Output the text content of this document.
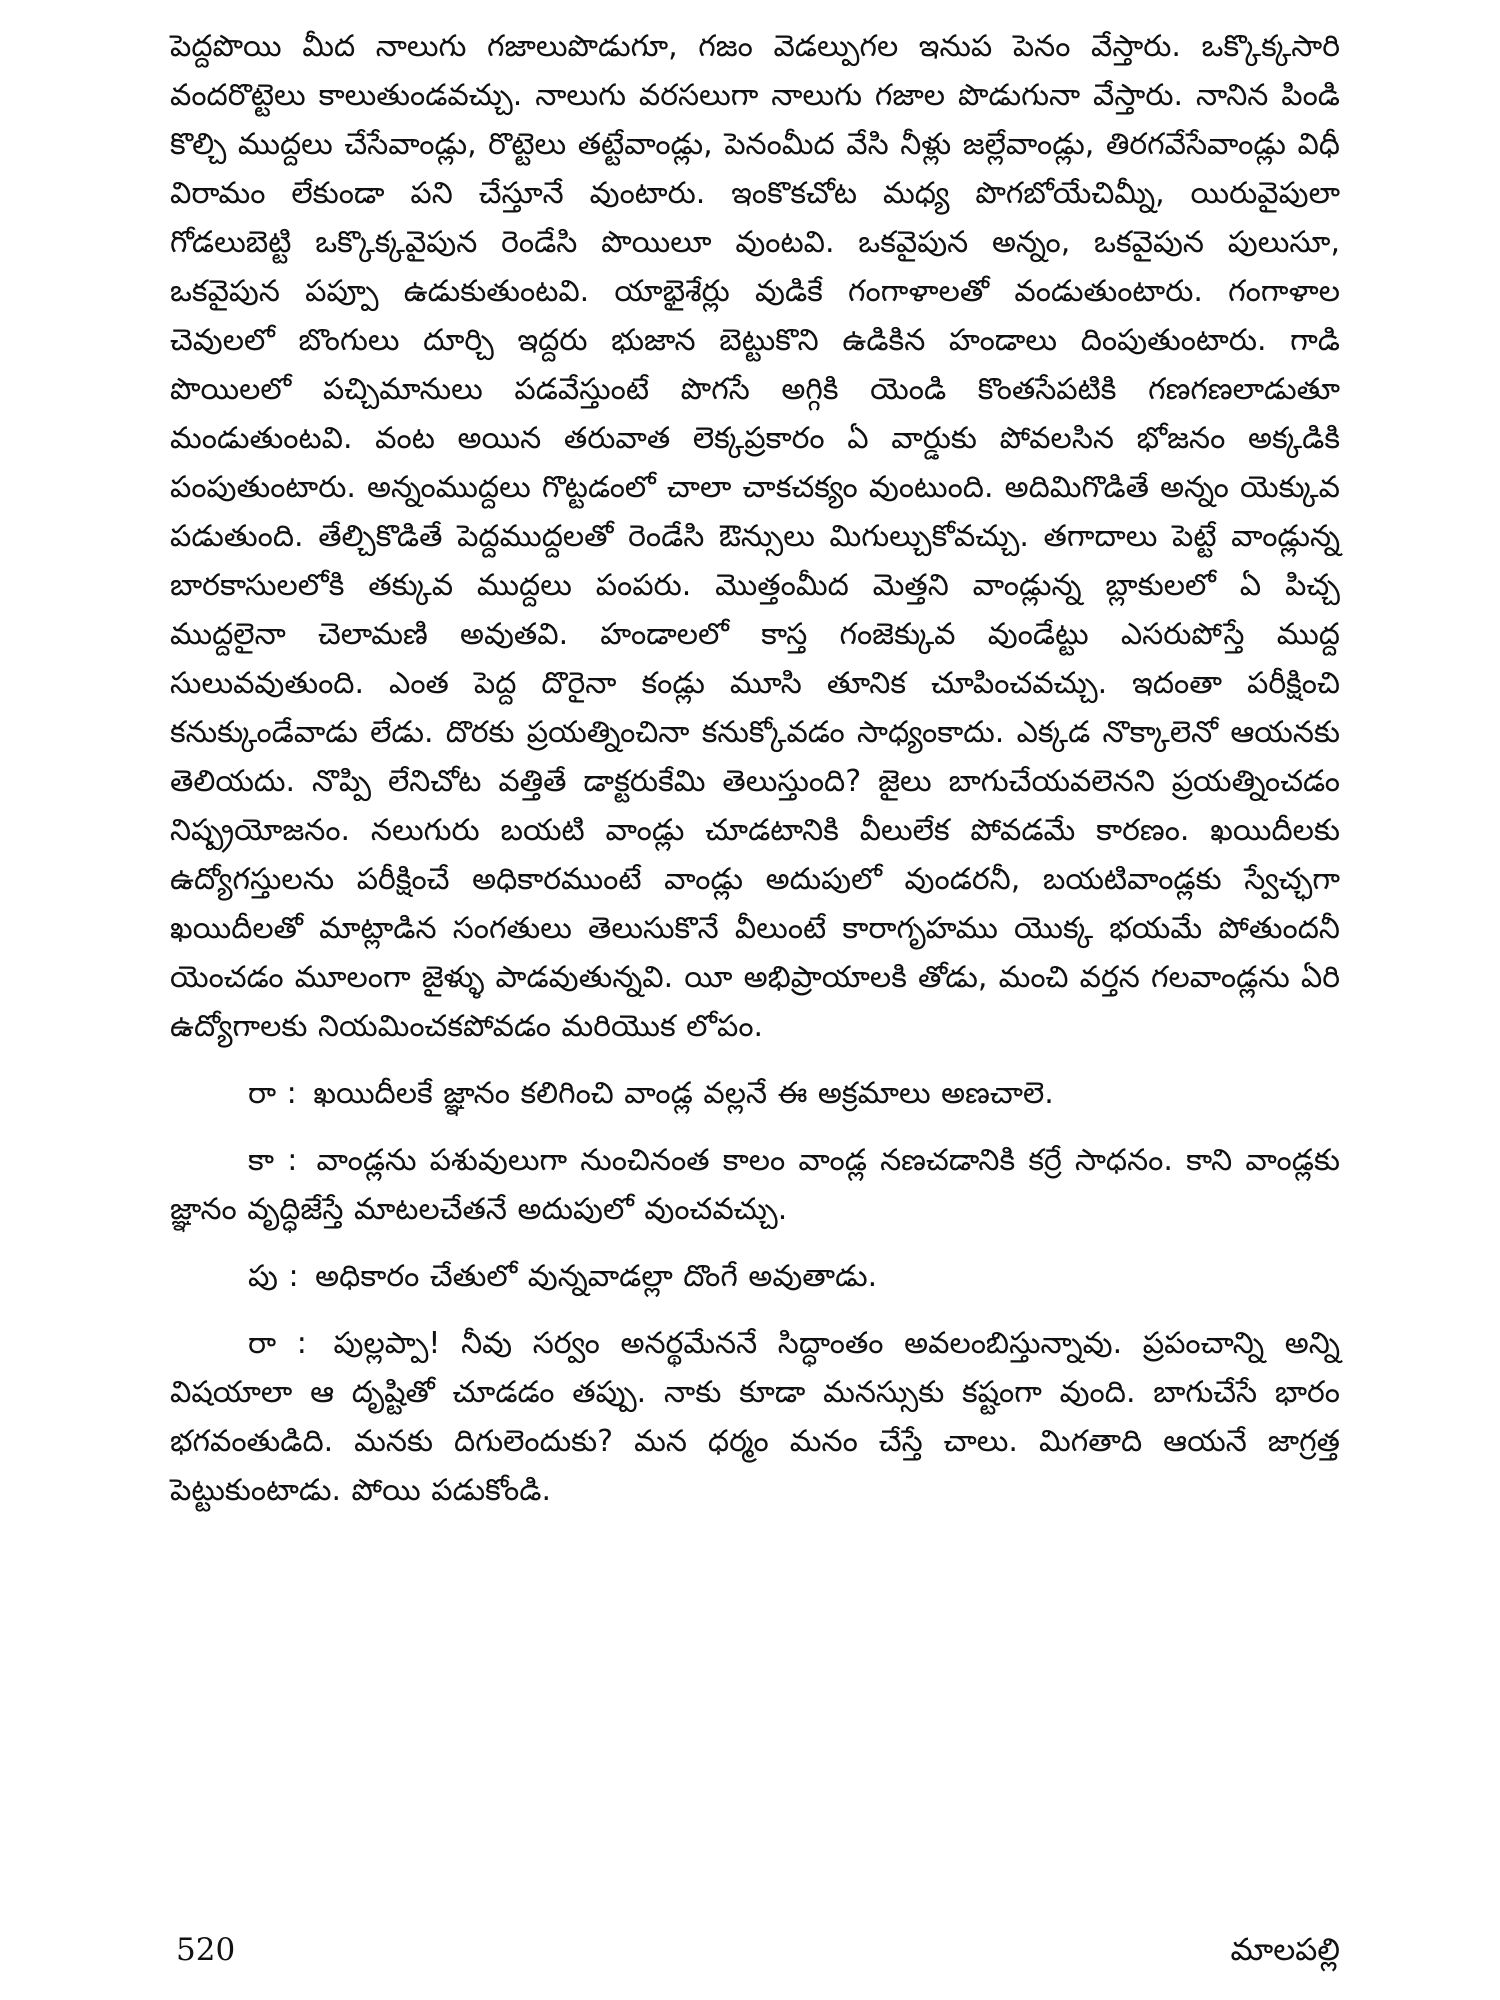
పెద్దపొయి మీద నాలుగు గజాలుపొడుగూ, గజం వెడల్పుగల ఇనుప పెనం వేస్తారు. ఒక్కొక్కసారి వందరొట్టెలు కాలుతుండవచ్చు. నాలుగు వరసలుగా నాలుగు గజాల పొడుగునా వేస్తారు. నానిన పిండి కొల్చి ముద్దలు చేసేవాండ్లు, రొట్టెలు తట్టేవాండ్లు, పెనంమీద వేసి నీళ్లు జల్లేవాండ్లు, తిరగవేసేవాండ్లు విధీ విరామం లేకుండా పని చేస్తూనే వుంటారు. ఇంకొకచోట మధ్య పొగబోయేచిమ్నీ, యిరువైపులా గోడలుబెట్టి ఒక్కొక్కవైపున రెండేసి పొయిలూ వుంటవి. ఒకవైపున అన్నం, ఒకవైపున పులుసూ, ఒకవైపున పప్పూ ఉడుకుతుంటవి. యాభైశేర్లు వుడికే గంగాళాలతో వండుతుంటారు. గంగాళాల చెవులలో బొంగులు దూర్చి ఇద్దరు భుజాన బెట్టుకొని ఉడికిన హండాలు దింపుతుంటారు. గాడి పొయిలలో పచ్చిమానులు పడవేస్తుంటే పొగసే అగ్గికి యెండి కొంతసేపటికి గణగణలాడుతూ మండుతుంటవి. వంట అయిన తరువాత లెక్కప్రకారం ఏ వార్డుకు పోవలసిన భోజనం అక్కడికి పంపుతుంటారు. అన్నంముద్దలు గొట్టడంలో చాలా చాకచక్యం వుంటుంది. అదిమిగొడితే అన్నం యెక్కువ పడుతుంది. తేల్చికొడితే పెద్దముద్దలతో రెండేసి ఔన్సులు మిగుల్చుకోవచ్చు. తగాదాలు పెట్టే వాండ్లున్న బారకాసులలోకి తక్కువ ముద్దలు పంపరు. మొత్తంమీద మెత్తని వాండ్లున్న బ్లాకులలో ఏ పిచ్చ ముద్దలైనా చెలామణి అవుతవి. హండాలలో కాస్త గంజెక్కువ వుండేట్టు ఎసరుపోస్తే ముద్ద సులువవుతుంది. ఎంత పెద్ద దొరైనా కండ్లు మూసి తూనిక చూపించవచ్చు. ఇదంతా పరీక్షించి కనుక్కుండేవాడు లేడు. దొరకు ప్రయత్నించినా కనుక్కోవడం సాధ్యంకాదు. ఎక్కడ నొక్కాలెనో ఆయనకు తెలియదు. నొప్పి లేనిచోట వత్తితే డాక్టరుకేమి తెలుస్తుంది? జైలు బాగుచేయవలెనని ప్రయత్నించడం నిష్ప్రయోజనం. నలుగురు బయటి వాండ్లు చూడటానికి వీలులేక పోవడమే కారణం. ఖయిదీలకు ఉద్యోగస్తులను పరీక్షించే అధికారముంటే వాండ్లు అదుపులో వుండరనీ, బయటివాండ్లకు స్వేచ్ఛగా ఖయిదీలతో మాట్లాడిన సంగతులు తెలుసుకొనే వీలుంటే కారాగృహము యొక్క భయమే పోతుందనీ యెంచడం మూలంగా జైళ్ళు పాడవుతున్నవి. యీ అభిప్రాయాలకి తోడు, మంచి వర్తన గలవాండ్లను ఏరి ఉద్యోగాలకు నియమించకపోవడం మరియొక లోపం.

రా : ఖయిదీలకే జ్ఞానం కలిగించి వాండ్ల వల్లనే ఈ అక్రమాలు అణచాలె.

కా : వాండ్లను పశువులుగా నుంచినంత కాలం వాండ్ల నణచడానికి కర్రే సాధనం. కాని వాండ్లకు జ్ఞానం వృద్ధిజేస్తే మాటలచేతనే అదుపులో వుంచవచ్చు.

పు : అధికారం చేతులో వున్నవాడల్లా దొంగే అవుతాడు.

రా : పుల్లప్పా! నీవు సర్వం అనర్థమేననే సిద్ధాంతం అవలంబిస్తున్నావు. ప్రపంచాన్ని అన్ని విషయాలా ఆ దృష్టితో చూడడం తప్పు. నాకు కూడా మనస్సుకు కష్టంగా వుంది. బాగుచేసే భారం భగవంతుడిది. మనకు దిగులెందుకు? మన ధర్మం మనం చేస్తే చాలు. మిగతాది ఆయనే జాగ్రత్త పెట్టుకుంటాడు. పోయి పడుకోండి.

520	మాలపల్లి
